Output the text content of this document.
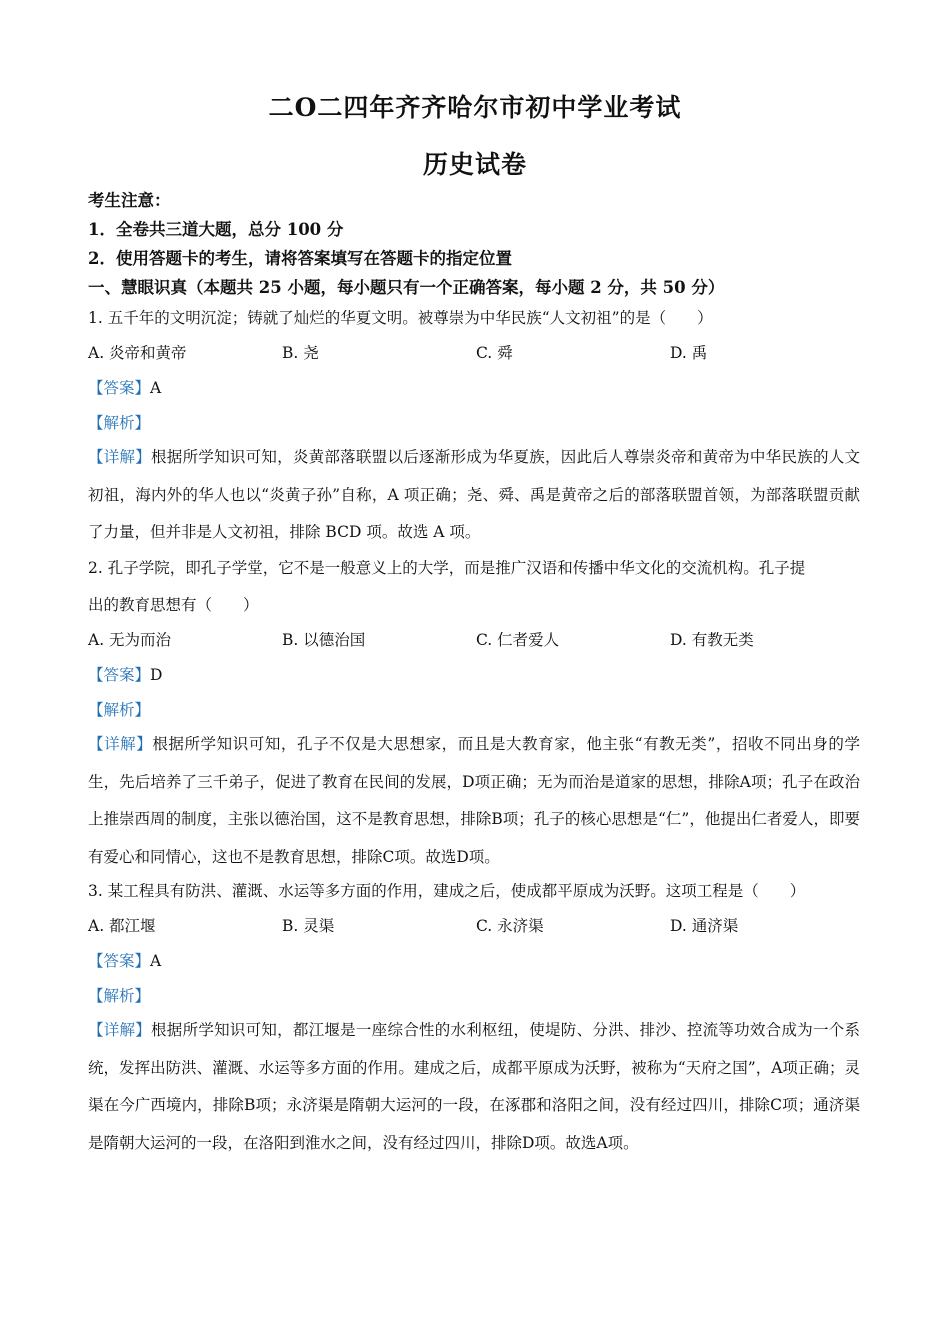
二O二四年齐齐哈尔市初中学业考试
历史试卷
考生注意：
1．全卷共三道大题，总分 100 分
2．使用答题卡的考生，请将答案填写在答题卡的指定位置
一、慧眼识真（本题共 25 小题，每小题只有一个正确答案，每小题 2 分，共 50 分）
1. 五千年的文明沉淀；铸就了灿烂的华夏文明。被尊崇为中华民族“人文初祖”的是（　　）
A. 炎帝和黄帝	B. 尧	C. 舜	D. 禹
【答案】A
【解析】
【详解】根据所学知识可知，炎黄部落联盟以后逐渐形成为华夏族，因此后人尊崇炎帝和黄帝为中华民族的人文初祖，海内外的华人也以“炎黄子孙”自称，A 项正确；尧、舜、禹是黄帝之后的部落联盟首领，为部落联盟贡献了力量，但并非是人文初祖，排除 BCD 项。故选 A 项。
2. 孔子学院，即孔子学堂，它不是一般意义上的大学，而是推广汉语和传播中华文化的交流机构。孔子提
出的教育思想有（　　）
A. 无为而治	B. 以德治国	C. 仁者爱人	D. 有教无类
【答案】D
【解析】
【详解】根据所学知识可知，孔子不仅是大思想家，而且是大教育家，他主张“有教无类”，招收不同出身的学生，先后培养了三千弟子，促进了教育在民间的发展，D项正确；无为而治是道家的思想，排除A项；孔子在政治上推崇西周的制度，主张以德治国，这不是教育思想，排除B项；孔子的核心思想是“仁”，他提出仁者爱人，即要有爱心和同情心，这也不是教育思想，排除C项。故选D项。
3. 某工程具有防洪、灌溉、水运等多方面的作用，建成之后，使成都平原成为沃野。这项工程是（　　）
A. 都江堰	B. 灵渠	C. 永济渠	D. 通济渠
【答案】A
【解析】
【详解】根据所学知识可知，都江堰是一座综合性的水利枢纽，使堤防、分洪、排沙、控流等功效合成为一个系统，发挥出防洪、灌溉、水运等多方面的作用。建成之后，成都平原成为沃野，被称为“天府之国”，A项正确；灵渠在今广西境内，排除B项；永济渠是隋朝大运河的一段，在涿郡和洛阳之间，没有经过四川，排除C项；通济渠是隋朝大运河的一段，在洛阳到淮水之间，没有经过四川，排除D项。故选A项。
